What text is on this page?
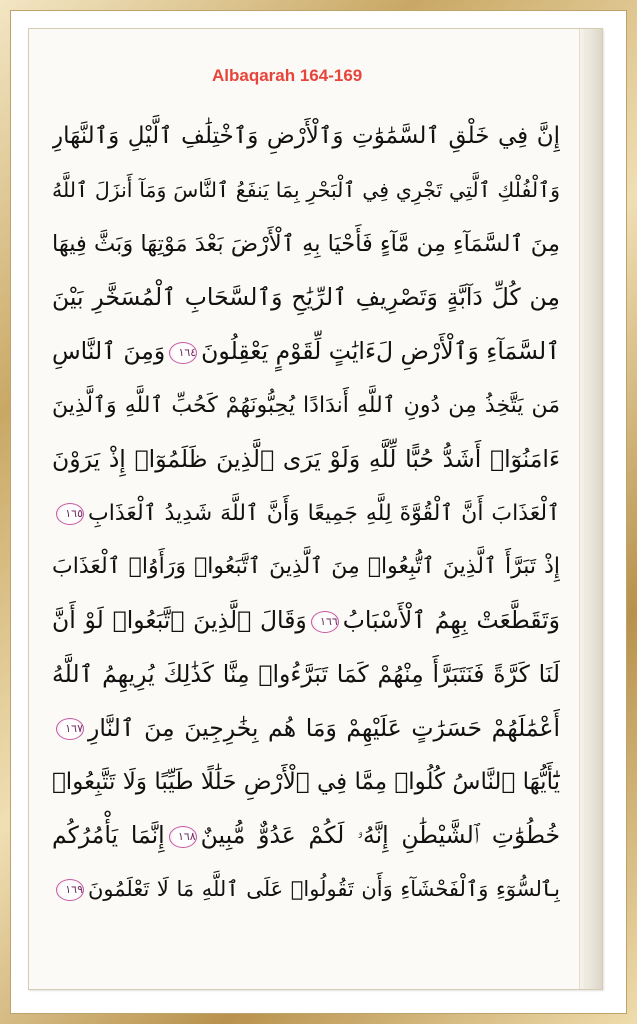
Albaqarah 164-169
إِنَّ فِي خَلْقِ ٱلسَّمَٰوَٰتِ وَٱلْأَرْضِ وَٱخْتِلَٰفِ ٱلَّيْلِ وَٱلنَّهَارِ
وَٱلْفُلْكِ ٱلَّتِي تَجْرِي فِي ٱلْبَحْرِ بِمَا يَنفَعُ ٱلنَّاسَ وَمَآ أَنزَلَ ٱللَّهُ
مِنَ ٱلسَّمَآءِ مِن مَّآءٍ فَأَحْيَا بِهِ ٱلْأَرْضَ بَعْدَ مَوْتِهَا وَبَثَّ فِيهَا
مِن كُلِّ دَآبَّةٍ وَتَصْرِيفِ ٱلرِّيَٰحِ وَٱلسَّحَابِ ٱلْمُسَخَّرِ بَيْنَ
ٱلسَّمَآءِ وَٱلْأَرْضِ لَءَايَٰتٍ لِّقَوْمٍ يَعْقِلُونَ١٦٤وَمِنَ ٱلنَّاسِ
مَن يَتَّخِذُ مِن دُونِ ٱللَّهِ أَندَادًا يُحِبُّونَهُمْ كَحُبِّ ٱللَّهِ وَٱلَّذِينَ
ءَامَنُوٓا۟ أَشَدُّ حُبًّا لِّلَّهِ وَلَوْ يَرَى ٱلَّذِينَ ظَلَمُوٓا۟ إِذْ يَرَوْنَ
ٱلْعَذَابَ أَنَّ ٱلْقُوَّةَ لِلَّهِ جَمِيعًا وَأَنَّ ٱللَّهَ شَدِيدُ ٱلْعَذَابِ١٦٥
إِذْ تَبَرَّأَ ٱلَّذِينَ ٱتُّبِعُوا۟ مِنَ ٱلَّذِينَ ٱتَّبَعُوا۟ وَرَأَوُا۟ ٱلْعَذَابَ
وَتَقَطَّعَتْ بِهِمُ ٱلْأَسْبَابُ١٦٦وَقَالَ ٱلَّذِينَ ٱتَّبَعُوا۟ لَوْ أَنَّ
لَنَا كَرَّةً فَنَتَبَرَّأَ مِنْهُمْ كَمَا تَبَرَّءُوا۟ مِنَّا كَذَٰلِكَ يُرِيهِمُ ٱللَّهُ
أَعْمَٰلَهُمْ حَسَرَٰتٍ عَلَيْهِمْ وَمَا هُم بِخَٰرِجِينَ مِنَ ٱلنَّارِ١٦٧
يَٰٓأَيُّهَا ٱلنَّاسُ كُلُوا۟ مِمَّا فِي ٱلْأَرْضِ حَلَٰلًا طَيِّبًا وَلَا تَتَّبِعُوا۟
خُطُوَٰتِ ٱلشَّيْطَٰنِ إِنَّهُۥ لَكُمْ عَدُوٌّ مُّبِينٌ١٦٨إِنَّمَا يَأْمُرُكُم
بِٱلسُّوٓءِ وَٱلْفَحْشَآءِ وَأَن تَقُولُوا۟ عَلَى ٱللَّهِ مَا لَا تَعْلَمُونَ١٦٩
